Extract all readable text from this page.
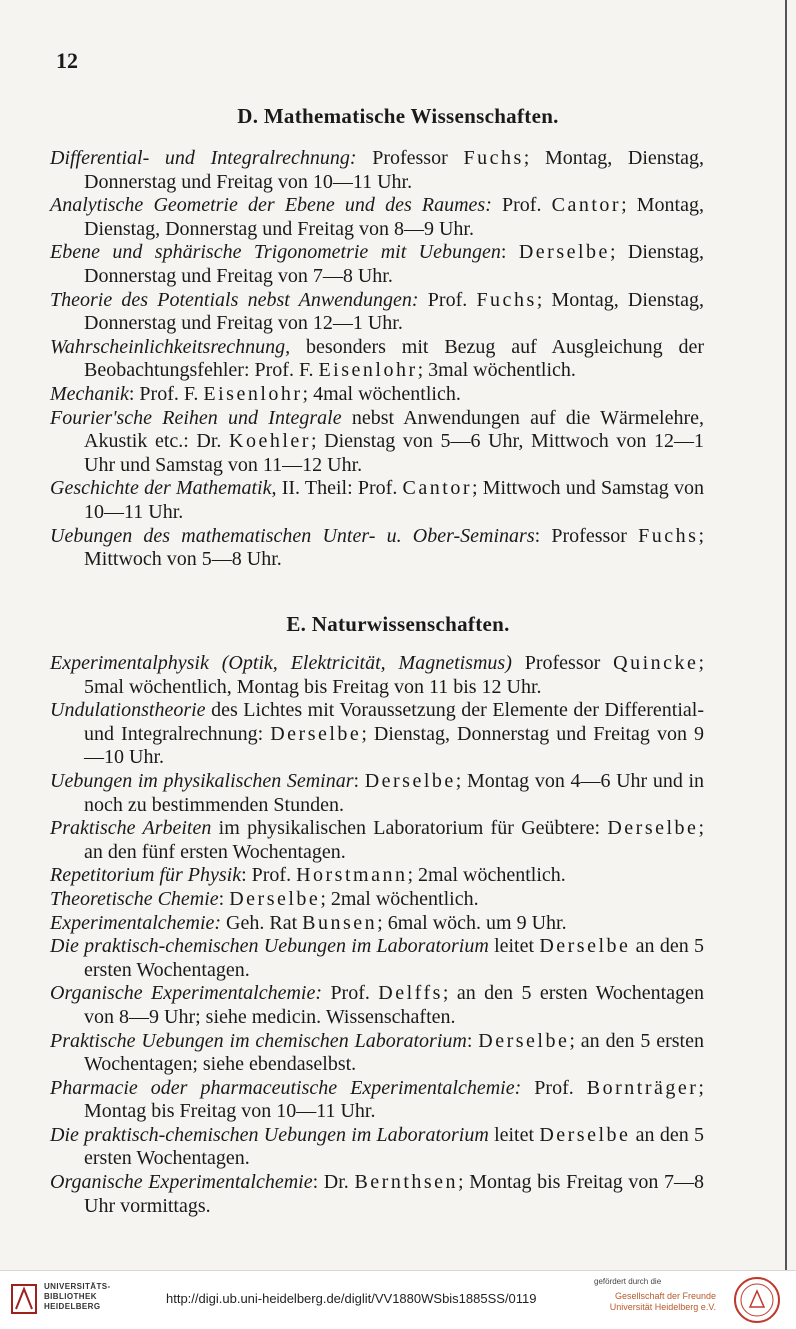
12
D. Mathematische Wissenschaften.

Differential- und Integralrechnung: Professor Fuchs; Montag, Dienstag, Donnerstag und Freitag von 10—11 Uhr.

Analytische Geometrie der Ebene und des Raumes: Prof. Cantor; Montag, Dienstag, Donnerstag und Freitag von 8—9 Uhr.

Ebene und sphärische Trigonometrie mit Uebungen: Derselbe; Dienstag, Donnerstag und Freitag von 7—8 Uhr.

Theorie des Potentials nebst Anwendungen: Prof. Fuchs; Montag, Dienstag, Donnerstag und Freitag von 12—1 Uhr.

Wahrscheinlichkeitsrechnung, besonders mit Bezug auf Ausgleichung der Beobachtungsfehler: Prof. F. Eisenlohr; 3mal wöchentlich.

Mechanik: Prof. F. Eisenlohr; 4mal wöchentlich.

Fourier'sche Reihen und Integrale nebst Anwendungen auf die Wärmelehre, Akustik etc.: Dr. Koehler; Dienstag von 5—6 Uhr, Mittwoch von 12—1 Uhr und Samstag von 11—12 Uhr.

Geschichte der Mathematik, II. Theil: Prof. Cantor; Mittwoch und Samstag von 10—11 Uhr.

Uebungen des mathematischen Unter- u. Ober-Seminars: Professor Fuchs; Mittwoch von 5—8 Uhr.

E. Naturwissenschaften.

Experimentalphysik (Optik, Elektricität, Magnetismus) Professor Quincke; 5mal wöchentlich, Montag bis Freitag von 11 bis 12 Uhr.

Undulationstheorie des Lichtes mit Voraussetzung der Elemente der Differential- und Integralrechnung: Derselbe; Dienstag, Donnerstag und Freitag von 9—10 Uhr.

Uebungen im physikalischen Seminar: Derselbe; Montag von 4—6 Uhr und in noch zu bestimmenden Stunden.

Praktische Arbeiten im physikalischen Laboratorium für Geübtere: Derselbe; an den fünf ersten Wochentagen.

Repetitorium für Physik: Prof. Horstmann; 2mal wöchentlich.

Theoretische Chemie: Derselbe; 2mal wöchentlich.

Experimentalchemie: Geh. Rat Bunsen; 6mal wöch. um 9 Uhr.

Die praktisch-chemischen Uebungen im Laboratorium leitet Derselbe an den 5 ersten Wochentagen.

Organische Experimentalchemie: Prof. Delffs; an den 5 ersten Wochentagen von 8—9 Uhr; siehe medicin. Wissenschaften.

Praktische Uebungen im chemischen Laboratorium: Derselbe; an den 5 ersten Wochentagen; siehe ebendaselbst.

Pharmacie oder pharmaceutische Experimentalchemie: Prof. Bornträger; Montag bis Freitag von 10—11 Uhr.

Die praktisch-chemischen Uebungen im Laboratorium leitet Derselbe an den 5 ersten Wochentagen.

Organische Experimentalchemie: Dr. Bernthsen; Montag bis Freitag von 7—8 Uhr vormittags.

UNIVERSITÄTS-
BIBLIOTHEK
HEIDELBERG
http://digi.ub.uni-heidelberg.de/diglit/VV1880WSbis1885SS/0119
gefördert durch die
Gesellschaft der Freunde
Universität Heidelberg e.V.
